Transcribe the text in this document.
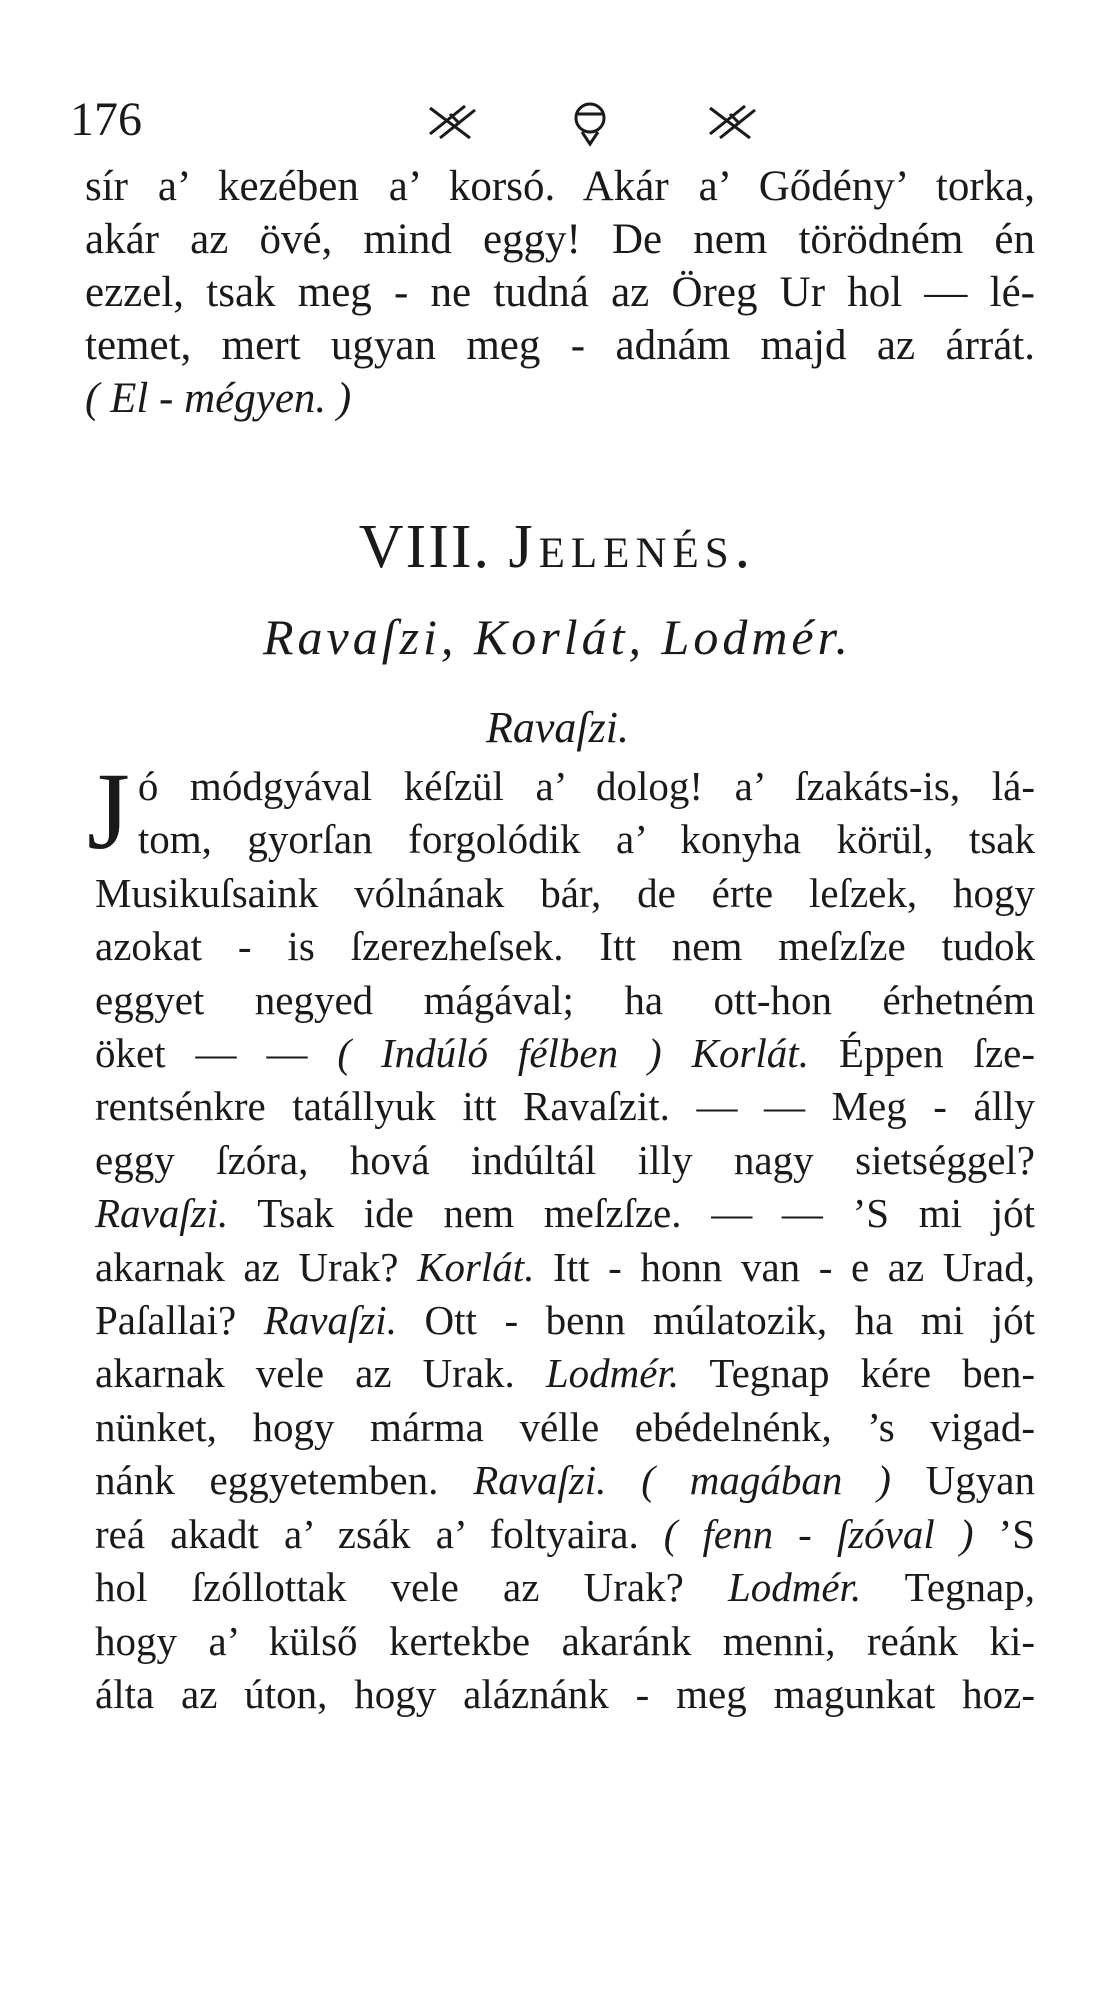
176
sír a’ kezében a’ korsó. Akár a’ Gődény’ torka,
akár az övé, mind eggy! De nem törödném én
ezzel, tsak meg - ne tudná az Öreg Ur hol — lé-
temet, mert ugyan meg - adnám majd az árrát.
( El - mégyen. )
VIII. Jelenés.
Ravaſzi, Korlát, Lodmér.
Ravaſzi.
J ó módgyával kéſzül a’ dolog! a’ ſzakáts-is, lá-
tom, gyorſan forgolódik a’ konyha körül, tsak
Musikuſsaink vólnának bár, de érte leſzek, hogy
azokat - is ſzerezheſsek. Itt nem meſzſze tudok
eggyet negyed mágával; ha ott-hon érhetném
öket — — ( Indúló félben ) Korlát. Éppen ſze-
rentsénkre tatállyuk itt Ravaſzit. — — Meg - álly
eggy ſzóra, hová indúltál illy nagy sietséggel?
Ravaſzi. Tsak ide nem meſzſze. — — ’S mi jót
akarnak az Urak? Korlát. Itt - honn van - e az Urad,
Paſallai? Ravaſzi. Ott - benn múlatozik, ha mi jót
akarnak vele az Urak. Lodmér. Tegnap kére ben-
nünket, hogy márma vélle ebédelnénk, ’s vigad-
nánk eggyetemben. Ravaſzi. ( magában ) Ugyan
reá akadt a’ zsák a’ foltyaira. ( fenn - ſzóval ) ’S
hol ſzóllottak vele az Urak? Lodmér. Tegnap,
hogy a’ külső kertekbe akaránk menni, reánk ki-
álta az úton, hogy aláznánk - meg magunkat hoz-
